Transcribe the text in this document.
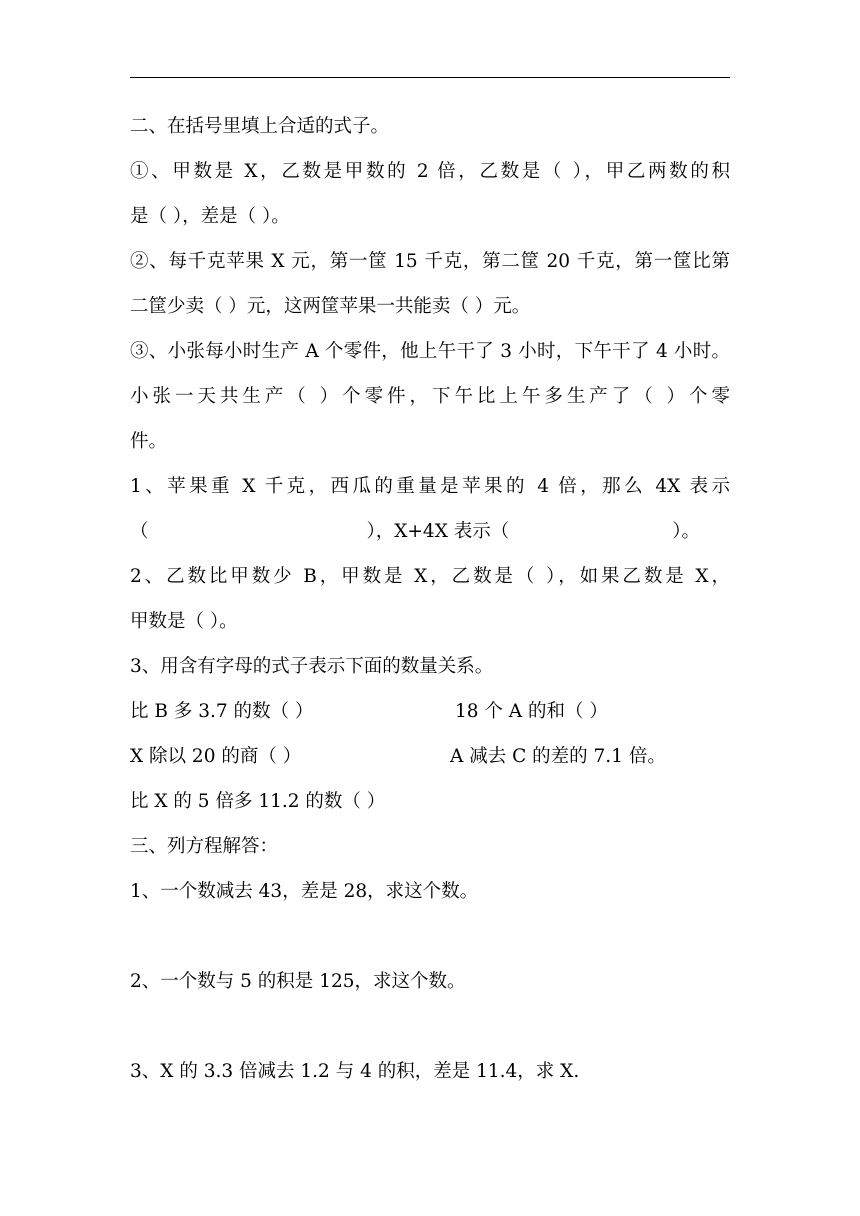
二、在括号里填上合适的式子。

①、甲数是 X，乙数是甲数的 2 倍，乙数是（ ），甲乙两数的积

是（ ），差是（ ）。

②、每千克苹果 X 元，第一筐 15 千克，第二筐 20 千克，第一筐比第

二筐少卖（ ）元，这两筐苹果一共能卖（ ）元。

③、小张每小时生产 A 个零件，他上午干了 3 小时，下午干了 4 小时。

小张一天共生产（ ）个零件，下午比上午多生产了（ ）个零

件。

1、苹果重 X 千克，西瓜的重量是苹果的 4 倍，那么 4X 表示

（	），X+4X 表示（	）。

2、乙数比甲数少 B，甲数是 X，乙数是（ ），如果乙数是 X，

甲数是（ ）。

3、用含有字母的式子表示下面的数量关系。

比 B 多 3.7 的数（ ）	18 个 A 的和（ ）

X 除以 20 的商（ ）	A 减去 C 的差的 7.1 倍。

比 X 的 5 倍多 11.2 的数（ ）

三、列方程解答：

1、一个数减去 43，差是 28，求这个数。

2、一个数与 5 的积是 125，求这个数。

3、X 的 3.3 倍减去 1.2 与 4 的积，差是 11.4，求 X.
